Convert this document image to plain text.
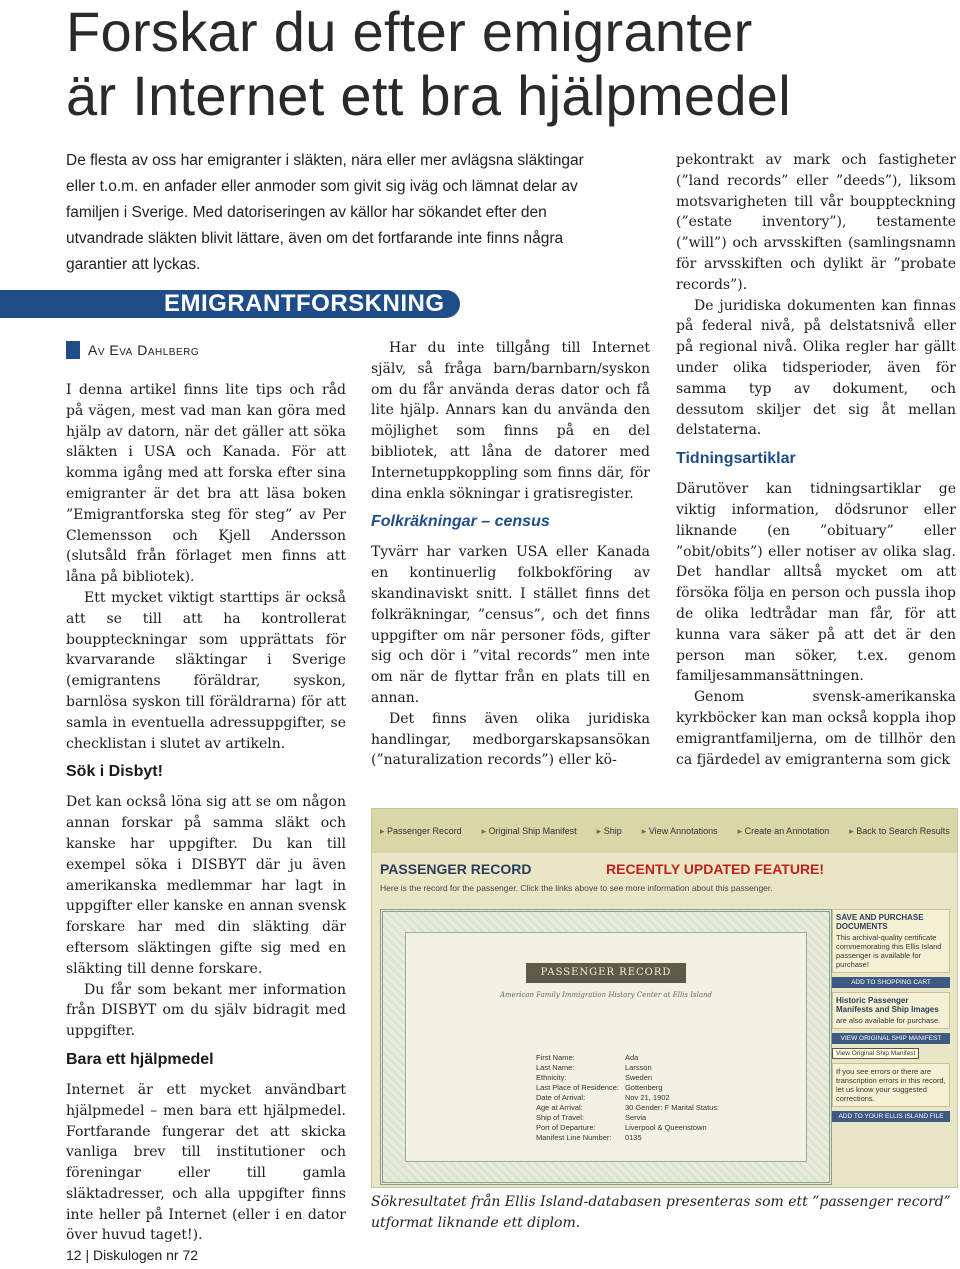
Forskar du efter emigranter
är Internet ett bra hjälpmedel
De flesta av oss har emigranter i släkten, nära eller mer avlägsna släktingar eller t.o.m. en anfader eller anmoder som givit sig iväg och lämnat delar av familjen i Sverige. Med datoriseringen av källor har sökandet efter den utvandrade släkten blivit lättare, även om det fortfarande inte finns några garantier att lyckas.
EMIGRANTFORSKNING
Av Eva Dahlberg

I denna artikel finns lite tips och råd på vägen, mest vad man kan göra med hjälp av datorn, när det gäller att söka släkten i USA och Kanada. För att komma igång med att forska efter sina emigranter är det bra att läsa boken ”Emigrantforska steg för steg” av Per Clemensson och Kjell Andersson (slutsåld från förlaget men finns att låna på bibliotek).

Ett mycket viktigt starttips är också att se till att ha kontrollerat bouppteckningar som upprättats för kvarvarande släktingar i Sverige (emigrantens föräldrar, syskon, barnlösa syskon till föräldrarna) för att samla in eventuella adressuppgifter, se checklistan i slutet av artikeln.

Sök i Disbyt!

Det kan också löna sig att se om någon annan forskar på samma släkt och kanske har uppgifter. Du kan till exempel söka i DISBYT där ju även amerikanska medlemmar har lagt in uppgifter eller kanske en annan svensk forskare har med din släkting där eftersom släktingen gifte sig med en släkting till denne forskare.

Du får som bekant mer information från DISBYT om du själv bidragit med uppgifter.

Bara ett hjälpmedel

Internet är ett mycket användbart hjälpmedel – men bara ett hjälpmedel. Fortfarande fungerar det att skicka vanliga brev till institutioner och föreningar eller till gamla släktadresser, och alla uppgifter finns inte heller på Internet (eller i en dator över huvud taget!).

Har du inte tillgång till Internet själv, så fråga barn/barnbarn/syskon om du får använda deras dator och få lite hjälp. Annars kan du använda den möjlighet som finns på en del bibliotek, att låna de datorer med Internetuppkoppling som finns där, för dina enkla sökningar i gratisregister.

Folkräkningar – census

Tyvärr har varken USA eller Kanada en kontinuerlig folkbokföring av skandinaviskt snitt. I stället finns det folkräkningar, ”census”, och det finns uppgifter om när personer föds, gifter sig och dör i ”vital records” men inte om när de flyttar från en plats till en annan.

Det finns även olika juridiska handlingar, medborgarskapsansökan (”naturalization records”) eller kö-

pekontrakt av mark och fastigheter (”land records” eller ”deeds”), liksom motsvarigheten till vår bouppteckning (”estate inventory”), testamente (”will”) och arvsskiften (samlingsnamn för arvsskiften och dylikt är ”probate records”).

De juridiska dokumenten kan finnas på federal nivå, på delstatsnivå eller på regional nivå. Olika regler har gällt under olika tidsperioder, även för samma typ av dokument, och dessutom skiljer det sig åt mellan delstaterna.

Tidningsartiklar

Därutöver kan tidningsartiklar ge viktig information, dödsrunor eller liknande (en ”obituary” eller ”obit/obits”) eller notiser av olika slag. Det handlar alltså mycket om att försöka följa en person och pussla ihop de olika ledtrådar man får, för att kunna vara säker på att det är den person man söker, t.ex. genom familjesammansättningen.

Genom svensk-amerikanska kyrkböcker kan man också koppla ihop emigrantfamiljerna, om de tillhör den ca fjärdedel av emigranterna som gick

▸ Passenger Record	▸ Original Ship Manifest	▸ Ship	▸ View Annotations	▸ Create an Annotation	▸ Back to Search Results
PASSENGER RECORD	RECENTLY UPDATED FEATURE!
Here is the record for the passenger. Click the links above to see more information about this passenger.
PASSENGER RECORD
American Family Immigration History Center at Ellis Island
First Name:	Ada
Last Name:	Larsson
Ethnicity:	Sweden
Last Place of Residence:	Gottenberg
Date of Arrival:	Nov 21, 1902
Age at Arrival:	30 Gender: F Marital Status:
Ship of Travel:	Servia
Port of Departure:	Liverpool & Queenstown
Manifest Line Number:	0135
SAVE AND PURCHASE DOCUMENTS
This archival-quality certificate commemorating this Ellis Island passenger is available for purchase!
ADD TO SHOPPING CART
Historic Passenger Manifests and Ship Images
are also available for purchase.
VIEW ORIGINAL SHIP MANIFEST
View Original Ship Manifest
If you see errors or there are transcription errors in this record, let us know your suggested corrections.
ADD TO YOUR ELLIS ISLAND FILE
Sökresultatet från Ellis Island-databasen presenteras som ett ”passenger record” utformat liknande ett diplom.
12 | Diskulogen nr 72
